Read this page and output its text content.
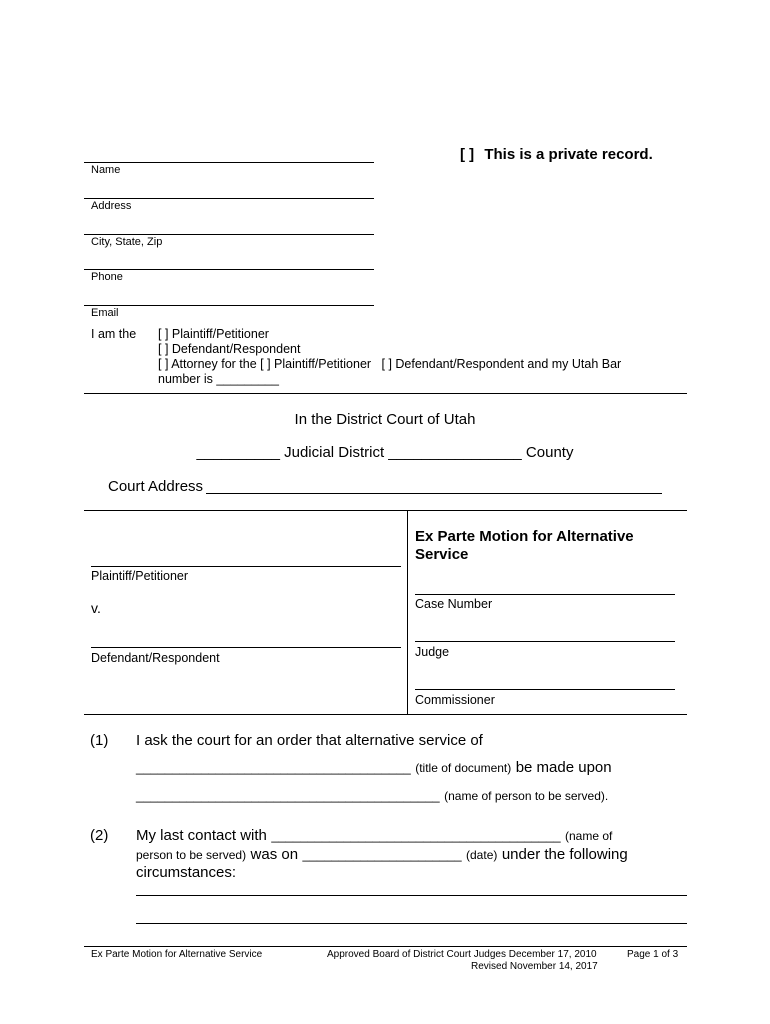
[ ] This is a private record.
Name
Address
City, State, Zip
Phone
Email
I am the [ ] Plaintiff/Petitioner
[ ] Defendant/Respondent
[ ] Attorney for the [ ] Plaintiff/Petitioner   [ ] Defendant/Respondent and my Utah Bar
number is _________
In the District Court of Utah
__________ Judicial District ________________ County
Court Address
Plaintiff/Petitioner
v.
Defendant/Respondent
Ex Parte Motion for Alternative Service
Case Number
Judge
Commissioner
(1) I ask the court for an order that alternative service of
______________________________________ (title of document) be made upon
__________________________________________ (name of person to be served).
(2) My last contact with ________________________________________ (name of
person to be served) was on ______________________ (date) under the following
circumstances:
Ex Parte Motion for Alternative Service	Approved Board of District Court Judges December 17, 2010
Revised November 14, 2017
Page 1 of 3
